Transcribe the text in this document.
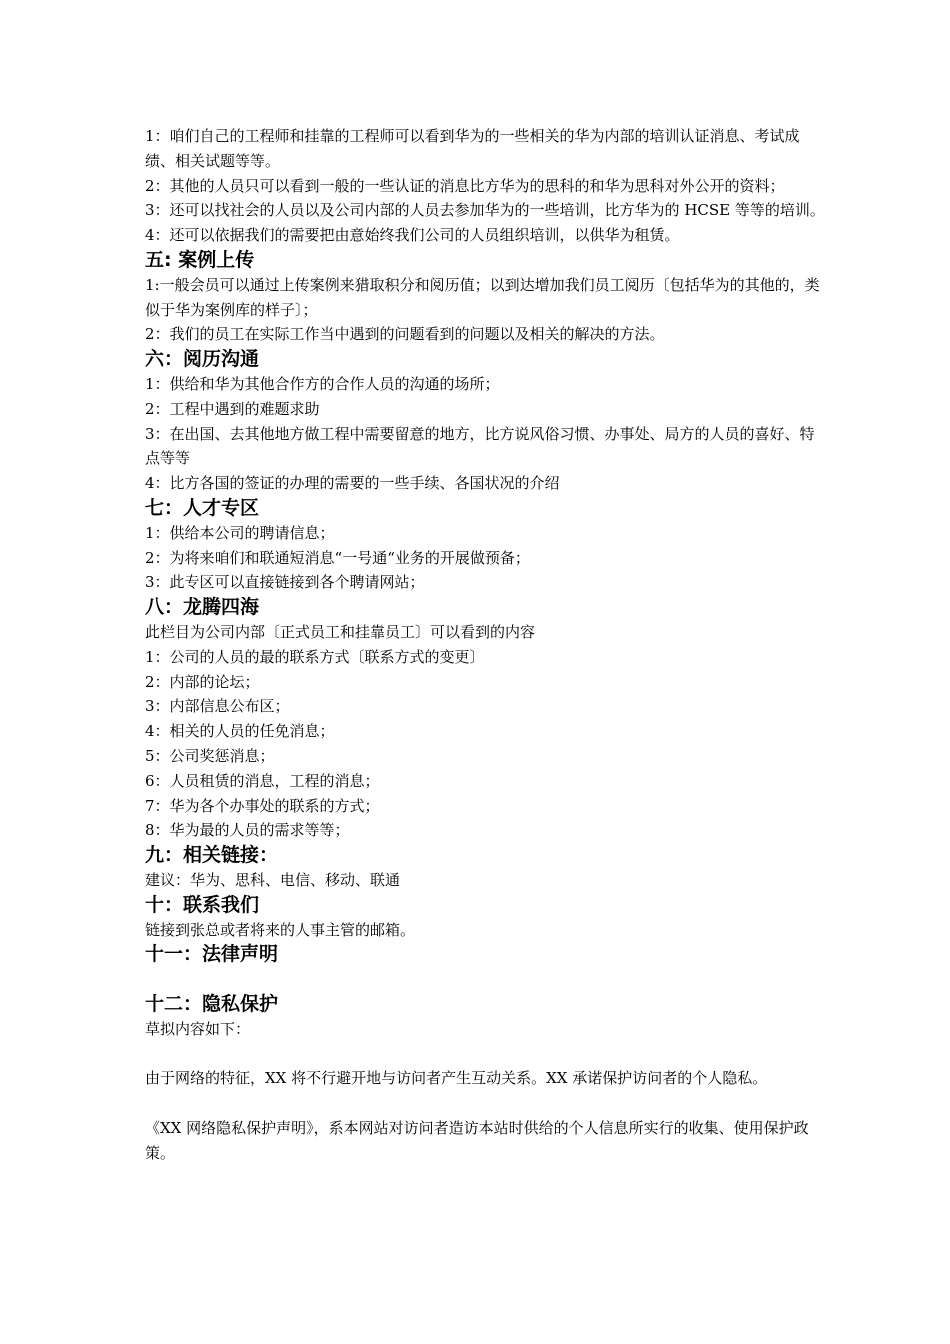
1：咱们自己的工程师和挂靠的工程师可以看到华为的一些相关的华为内部的培训认证消息、考试成绩、相关试题等等。

2：其他的人员只可以看到一般的一些认证的消息比方华为的思科的和华为思科对外公开的资料；

3：还可以找社会的人员以及公司内部的人员去参加华为的一些培训，比方华为的 HCSE 等等的培训。

4：还可以依据我们的需要把由意始终我们公司的人员组织培训，以供华为租赁。

五: 案例上传

1:一般会员可以通过上传案例来猎取积分和阅历值；以到达增加我们员工阅历〔包括华为的其他的，类似于华为案例库的样子〕；

2：我们的员工在实际工作当中遇到的问题看到的问题以及相关的解决的方法。

六：阅历沟通

1：供给和华为其他合作方的合作人员的沟通的场所；

2：工程中遇到的难题求助

3：在出国、去其他地方做工程中需要留意的地方，比方说风俗习惯、办事处、局方的人员的喜好、特点等等

4：比方各国的签证的办理的需要的一些手续、各国状况的介绍

七：人才专区

1：供给本公司的聘请信息；

2：为将来咱们和联通短消息“一号通“业务的开展做预备；

3：此专区可以直接链接到各个聘请网站；

八：龙腾四海

此栏目为公司内部〔正式员工和挂靠员工〕可以看到的内容

1：公司的人员的最的联系方式〔联系方式的变更〕

2：内部的论坛；

3：内部信息公布区；

4：相关的人员的任免消息；

5：公司奖惩消息；

6：人员租赁的消息，工程的消息；

7：华为各个办事处的联系的方式；

8：华为最的人员的需求等等；

九：相关链接：

建议：华为、思科、电信、移动、联通

十：联系我们

链接到张总或者将来的人事主管的邮箱。

十一：法律声明
十二：隐私保护

草拟内容如下：

由于网络的特征，XX 将不行避开地与访问者产生互动关系。XX 承诺保护访问者的个人隐私。

《XX 网络隐私保护声明》，系本网站对访问者造访本站时供给的个人信息所实行的收集、使用保护政策。
